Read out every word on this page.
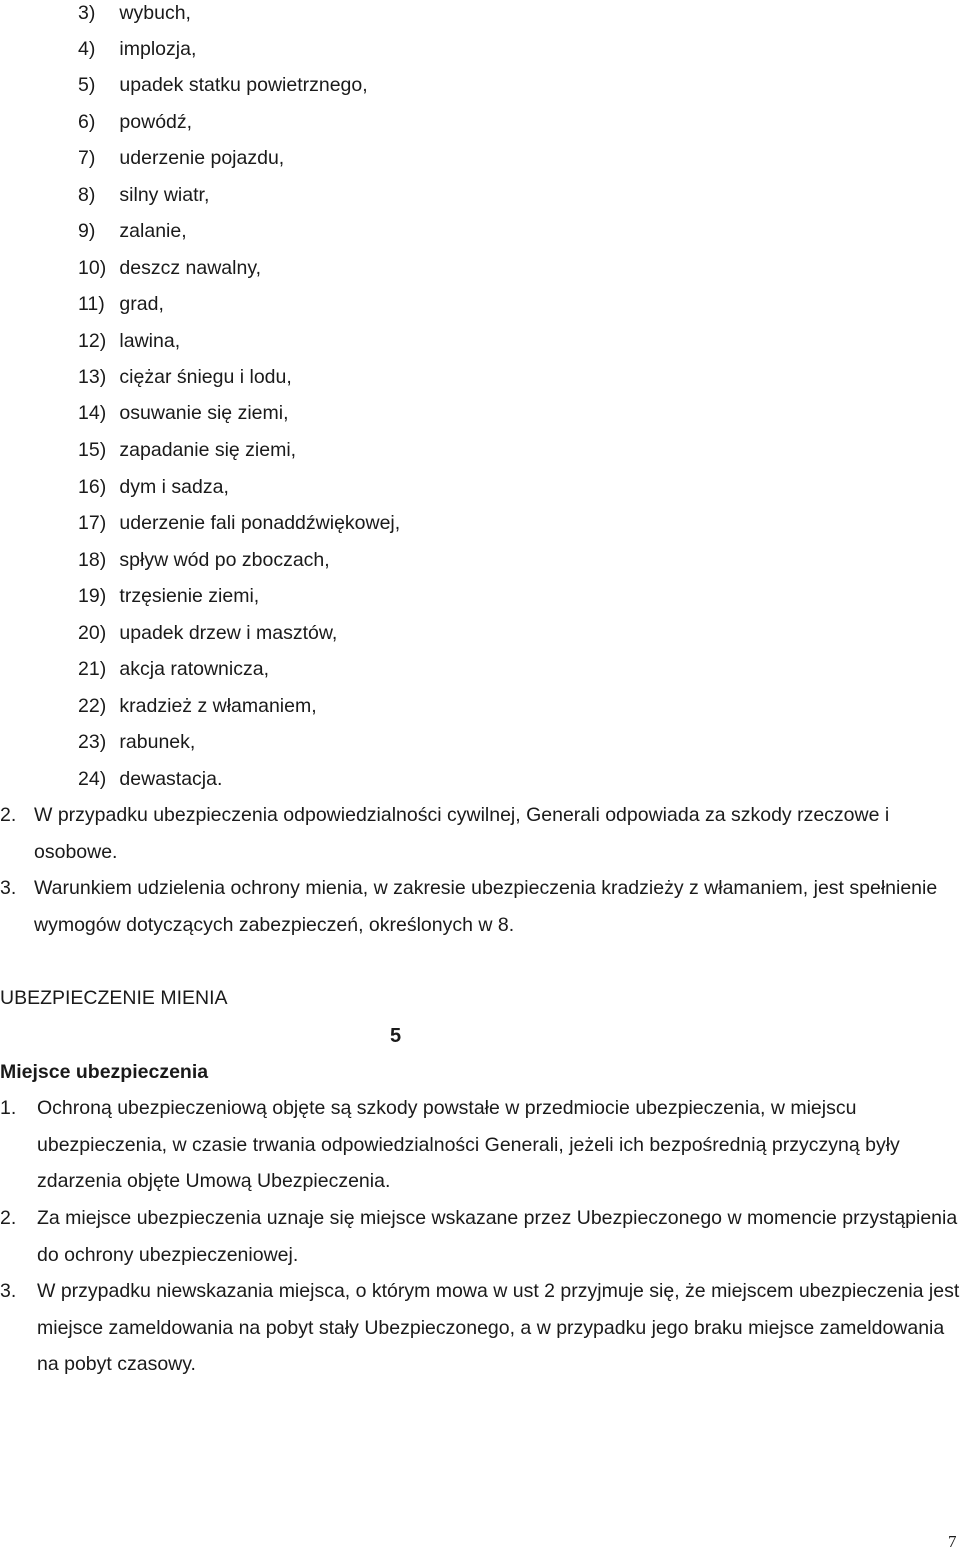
3) wybuch,
4) implozja,
5) upadek statku powietrznego,
6) powódź,
7) uderzenie pojazdu,
8) silny wiatr,
9) zalanie,
10) deszcz nawalny,
11) grad,
12) lawina,
13) ciężar śniegu i lodu,
14) osuwanie się ziemi,
15) zapadanie się ziemi,
16) dym i sadza,
17) uderzenie fali ponaddźwiękowej,
18) spływ wód po zboczach,
19) trzęsienie ziemi,
20) upadek drzew i masztów,
21) akcja ratownicza,
22) kradzież z włamaniem,
23) rabunek,
24) dewastacja.
2. W przypadku ubezpieczenia odpowiedzialności cywilnej, Generali odpowiada za szkody rzeczowe i osobowe.
3. Warunkiem udzielenia ochrony mienia, w zakresie ubezpieczenia kradzieży z włamaniem, jest spełnienie wymogów dotyczących zabezpieczeń, określonych w 8.
UBEZPIECZENIE MIENIA
5
Miejsce ubezpieczenia
1. Ochroną ubezpieczeniową objęte są szkody powstałe w przedmiocie ubezpieczenia, w miejscu ubezpieczenia, w czasie trwania odpowiedzialności Generali, jeżeli ich bezpośrednią przyczyną były zdarzenia objęte Umową Ubezpieczenia.
2. Za miejsce ubezpieczenia uznaje się miejsce wskazane przez Ubezpieczonego w momencie przystąpienia do ochrony ubezpieczeniowej.
3. W przypadku niewskazania miejsca, o którym mowa w ust 2 przyjmuje się, że miejscem ubezpieczenia jest miejsce zameldowania na pobyt stały Ubezpieczonego, a w przypadku jego braku miejsce zameldowania na pobyt czasowy.
7
